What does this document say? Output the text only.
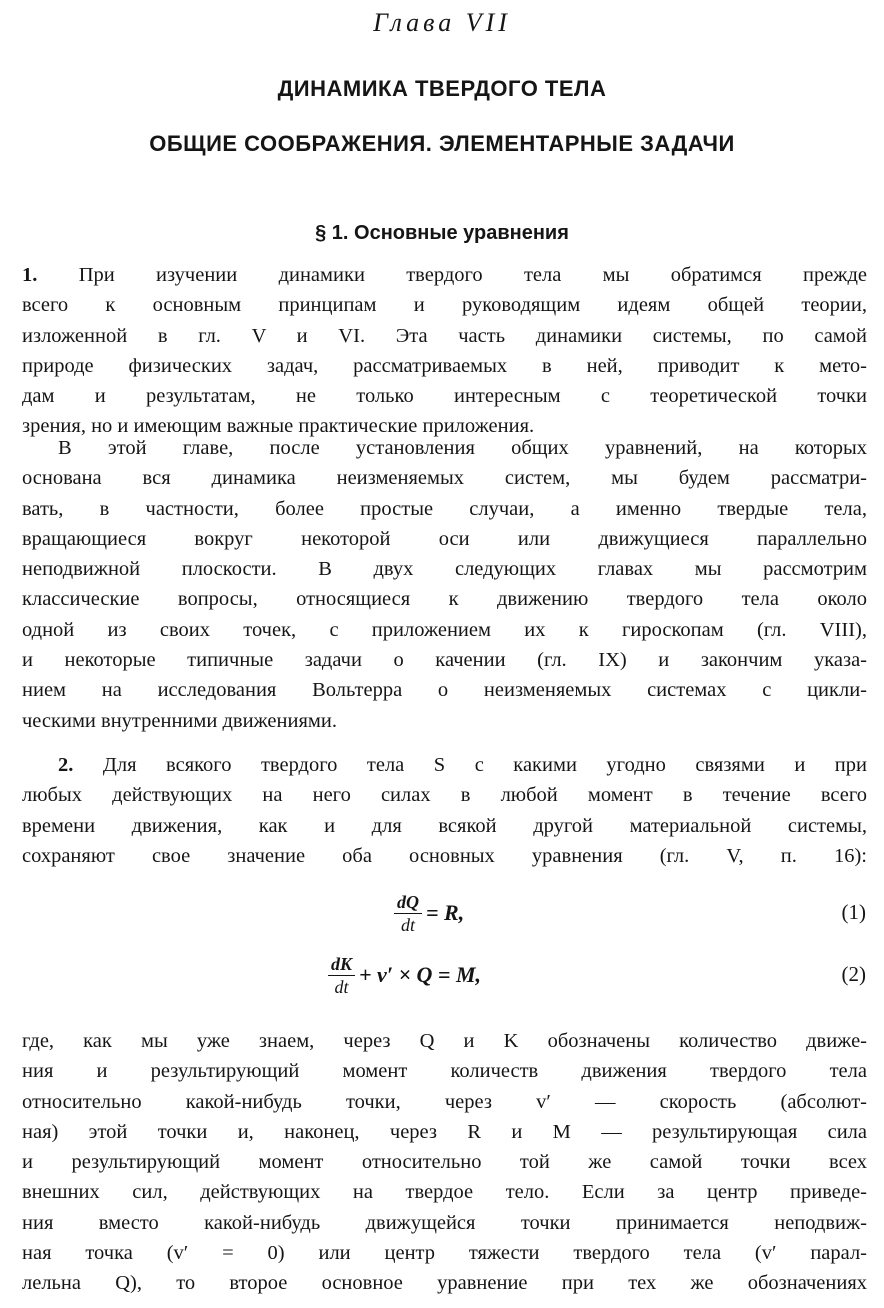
Глава VII
ДИНАМИКА ТВЕРДОГО ТЕЛА
ОБЩИЕ СООБРАЖЕНИЯ. ЭЛЕМЕНТАРНЫЕ ЗАДАЧИ
§ 1. Основные уравнения
1. При изучении динамики твердого тела мы обратимся прежде
всего к основным принципам и руководящим идеям общей теории,
изложенной в гл. V и VI. Эта часть динамики системы, по самой
природе физических задач, рассматриваемых в ней, приводит к мето-
дам и результатам, не только интересным с теоретической точки
зрения, но и имеющим важные практические приложения.
В этой главе, после установления общих уравнений, на которых
основана вся динамика неизменяемых систем, мы будем рассматри-
вать, в частности, более простые случаи, а именно твердые тела,
вращающиеся вокруг некоторой оси или движущиеся параллельно
неподвижной плоскости. В двух следующих главах мы рассмотрим
классические вопросы, относящиеся к движению твердого тела около
одной из своих точек, с приложением их к гироскопам (гл. VIII),
и некоторые типичные задачи о качении (гл. IX) и закончим указа-
нием на исследования Вольтерра о неизменяемых системах с цикли-
ческими внутренними движениями.
2. Для всякого твердого тела S с какими угодно связями и при
любых действующих на него силах в любой момент в течение всего
времени движения, как и для всякой другой материальной системы,
сохраняют свое значение оба основных уравнения (гл. V, п. 16):
$\frac{dQ}{dt} = R$,	(1)
$\frac{dK}{dt} + v' \times Q = M$,	(2)
где, как мы уже знаем, через Q и K обозначены количество движе-
ния и результирующий момент количеств движения твердого тела
относительно какой-нибудь точки, через v′ — скорость (абсолют-
ная) этой точки и, наконец, через R и M — результирующая сила
и результирующий момент относительно той же самой точки всех
внешних сил, действующих на твердое тело. Если за центр приведе-
ния вместо какой-нибудь движущейся точки принимается неподвиж-
ная точка (v′ = 0) или центр тяжести твердого тела (v′ парал-
лельна Q), то второе основное уравнение при тех же обозначениях
